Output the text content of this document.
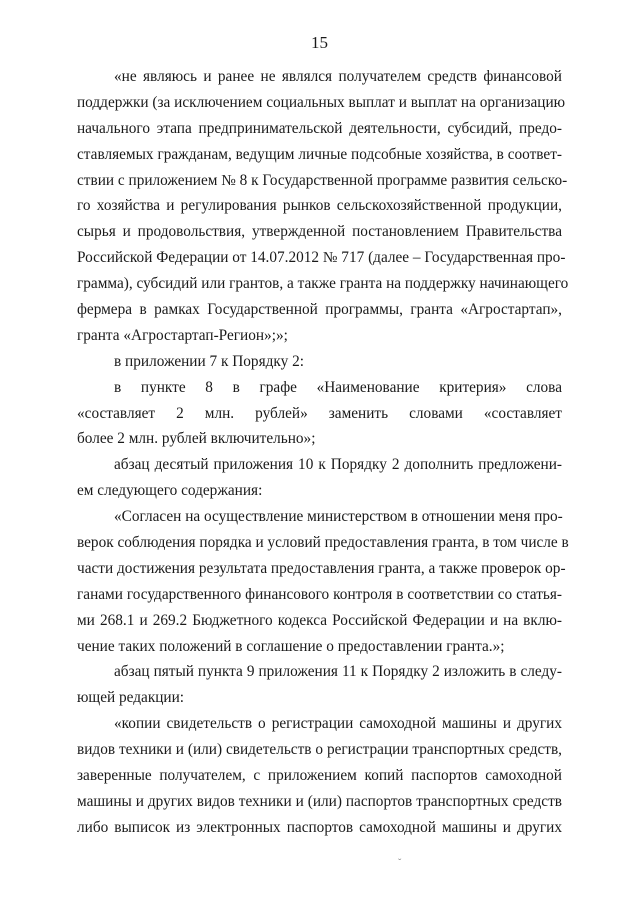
15
«не являюсь и ранее не являлся получателем средств финансовой
поддержки (за исключением социальных выплат и выплат на организацию
начального этапа предпринимательской деятельности, субсидий, предо-
ставляемых гражданам, ведущим личные подсобные хозяйства, в соответ-
ствии с приложением № 8 к Государственной программе развития сельско-
го хозяйства и регулирования рынков сельскохозяйственной продукции,
сырья и продовольствия, утвержденной постановлением Правительства
Российской Федерации от 14.07.2012 № 717 (далее – Государственная про-
грамма), субсидий или грантов, а также гранта на поддержку начинающего
фермера в рамках Государственной программы, гранта «Агростартап»,
гранта «Агростартап-Регион»;»;
в приложении 7 к Порядку 2:
в пункте 8 в графе «Наименование критерия» слова
«составляет 2 млн. рублей» заменить словами «составляет
более 2 млн. рублей включительно»;
абзац десятый приложения 10 к Порядку 2 дополнить предложени-
ем следующего содержания:
«Согласен на осуществление министерством в отношении меня про-
верок соблюдения порядка и условий предоставления гранта, в том числе в
части достижения результата предоставления гранта, а также проверок ор-
ганами государственного финансового контроля в соответствии со статья-
ми 268.1 и 269.2 Бюджетного кодекса Российской Федерации и на вклю-
чение таких положений в соглашение о предоставлении гранта.»;
абзац пятый пункта 9 приложения 11 к Порядку 2 изложить в следу-
ющей редакции:
«копии свидетельств о регистрации самоходной машины и других
видов техники и (или) свидетельств о регистрации транспортных средств,
заверенные получателем, с приложением копий паспортов самоходной
машины и других видов техники и (или) паспортов транспортных средств
либо выписок из электронных паспортов самоходной машины и других
ˇ
